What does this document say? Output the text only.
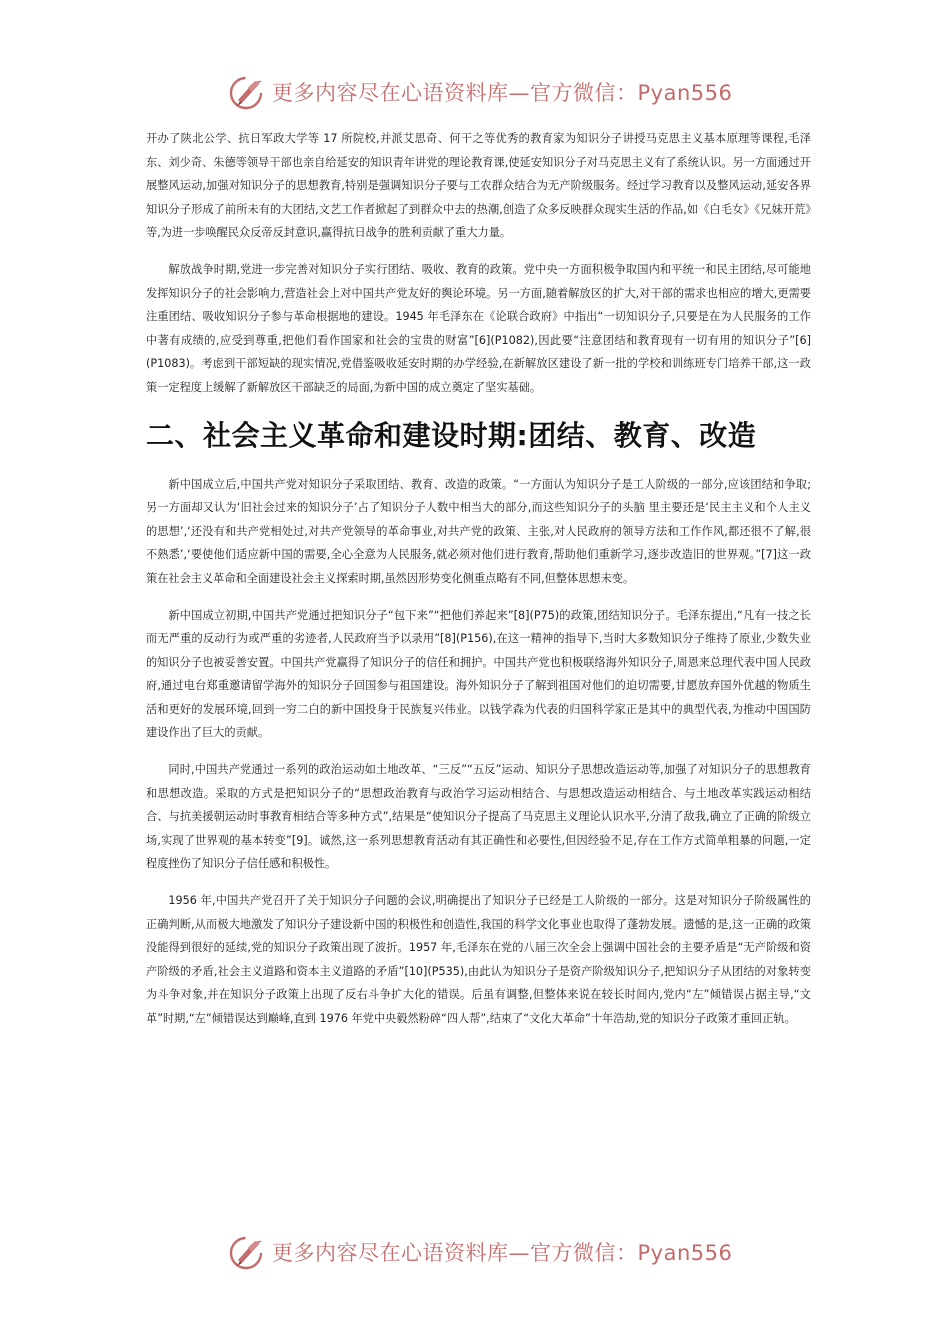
更多内容尽在心语资料库—官方微信：Pyan556

开办了陕北公学、抗日军政大学等 17 所院校,并派艾思奇、何干之等优秀的教育家为知识分子讲授马克思主义基本原理等课程,毛泽东、刘少奇、朱德等领导干部也亲自给延安的知识青年讲党的理论教育课,使延安知识分子对马克思主义有了系统认识。另一方面通过开展整风运动,加强对知识分子的思想教育,特别是强调知识分子要与工农群众结合为无产阶级服务。经过学习教育以及整风运动,延安各界知识分子形成了前所未有的大团结,文艺工作者掀起了到群众中去的热潮,创造了众多反映群众现实生活的作品,如《白毛女》《兄妹开荒》等,为进一步唤醒民众反帝反封意识,赢得抗日战争的胜利贡献了重大力量。

解放战争时期,党进一步完善对知识分子实行团结、吸收、教育的政策。党中央一方面积极争取国内和平统一和民主团结,尽可能地发挥知识分子的社会影响力,营造社会上对中国共产党友好的舆论环境。另一方面,随着解放区的扩大,对干部的需求也相应的增大,更需要注重团结、吸收知识分子参与革命根据地的建设。1945 年毛泽东在《论联合政府》中指出“一切知识分子,只要是在为人民服务的工作中著有成绩的,应受到尊重,把他们看作国家和社会的宝贵的财富”[6](P1082),因此要“注意团结和教育现有一切有用的知识分子”[6](P1083)。考虑到干部短缺的现实情况,党借鉴吸收延安时期的办学经验,在新解放区建设了新一批的学校和训练班专门培养干部,这一政策一定程度上缓解了新解放区干部缺乏的局面,为新中国的成立奠定了坚实基础。

二、社会主义革命和建设时期:团结、教育、改造

新中国成立后,中国共产党对知识分子采取团结、教育、改造的政策。“一方面认为知识分子是工人阶级的一部分,应该团结和争取;另一方面却又认为‘旧社会过来的知识分子’占了知识分子人数中相当大的部分,而这些知识分子的头脑 里主要还是‘民主主义和个人主义的思想’,‘还没有和共产党相处过,对共产党领导的革命事业,对共产党的政策、主张,对人民政府的领导方法和工作作风,都还很不了解,很不熟悉’,‘要使他们适应新中国的需要,全心全意为人民服务,就必须对他们进行教育,帮助他们重新学习,逐步改造旧的世界观。”[7]这一政策在社会主义革命和全面建设社会主义探索时期,虽然因形势变化侧重点略有不同,但整体思想未变。

新中国成立初期,中国共产党通过把知识分子“包下来”“把他们养起来”[8](P75)的政策,团结知识分子。毛泽东提出,“凡有一技之长而无严重的反动行为或严重的劣迹者,人民政府当予以录用”[8](P156),在这一精神的指导下,当时大多数知识分子维持了原业,少数失业的知识分子也被妥善安置。中国共产党赢得了知识分子的信任和拥护。中国共产党也积极联络海外知识分子,周恩来总理代表中国人民政府,通过电台郑重邀请留学海外的知识分子回国参与祖国建设。海外知识分子了解到祖国对他们的迫切需要,甘愿放弃国外优越的物质生活和更好的发展环境,回到一穷二白的新中国投身于民族复兴伟业。以钱学森为代表的归国科学家正是其中的典型代表,为推动中国国防建设作出了巨大的贡献。

同时,中国共产党通过一系列的政治运动如土地改革、“三反”“五反”运动、知识分子思想改造运动等,加强了对知识分子的思想教育和思想改造。采取的方式是把知识分子的“思想政治教育与政治学习运动相结合、与思想改造运动相结合、与土地改革实践运动相结合、与抗美援朝运动时事教育相结合等多种方式”,结果是“使知识分子提高了马克思主义理论认识水平,分清了敌我,确立了正确的阶级立场,实现了世界观的基本转变”[9]。诚然,这一系列思想教育活动有其正确性和必要性,但因经验不足,存在工作方式简单粗暴的问题,一定程度挫伤了知识分子信任感和积极性。

1956 年,中国共产党召开了关于知识分子问题的会议,明确提出了知识分子已经是工人阶级的一部分。这是对知识分子阶级属性的正确判断,从而极大地激发了知识分子建设新中国的积极性和创造性,我国的科学文化事业也取得了蓬勃发展。遗憾的是,这一正确的政策没能得到很好的延续,党的知识分子政策出现了波折。1957 年,毛泽东在党的八届三次全会上强调中国社会的主要矛盾是“无产阶级和资产阶级的矛盾,社会主义道路和资本主义道路的矛盾”[10](P535),由此认为知识分子是资产阶级知识分子,把知识分子从团结的对象转变为斗争对象,并在知识分子政策上出现了反右斗争扩大化的错误。后虽有调整,但整体来说在较长时间内,党内“左”倾错误占据主导,“文革”时期,“左”倾错误达到巅峰,直到 1976 年党中央毅然粉碎“四人帮”,结束了“文化大革命”十年浩劫,党的知识分子政策才重回正轨。

更多内容尽在心语资料库—官方微信：Pyan556
